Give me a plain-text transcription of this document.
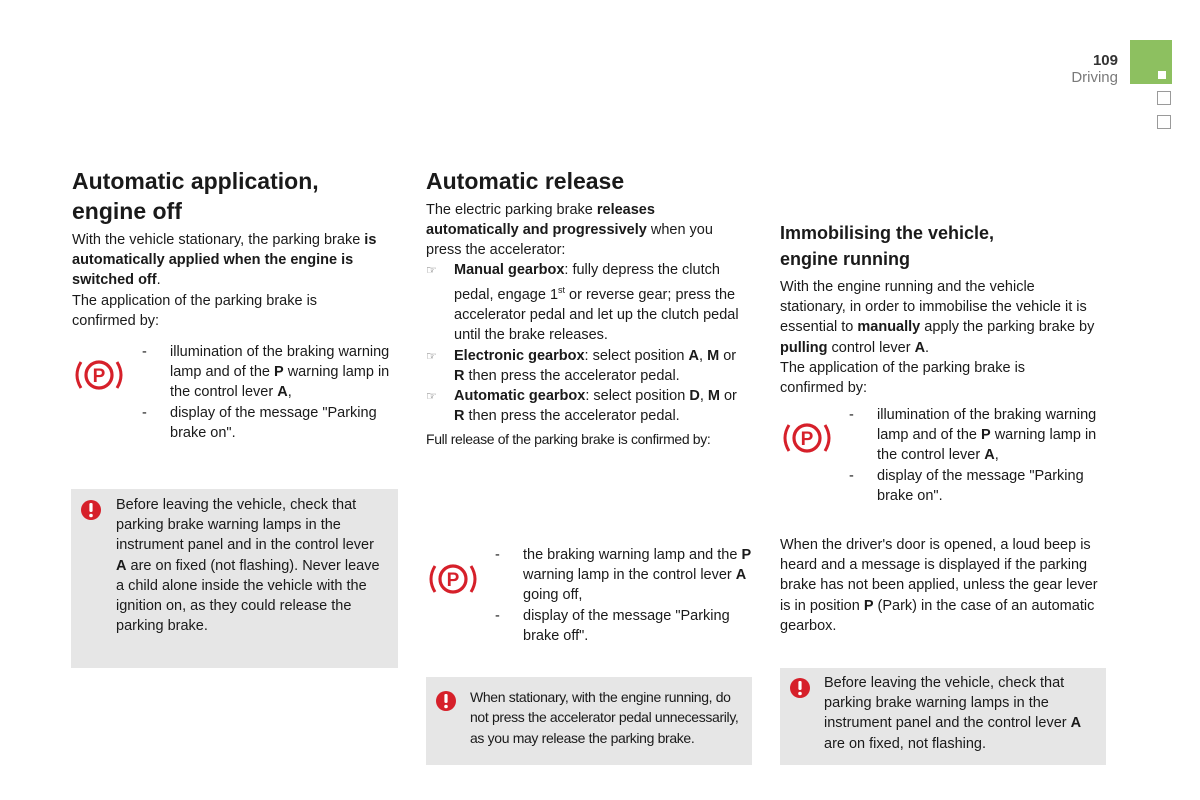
109
Driving
Automatic application,
engine off
With the vehicle stationary, the parking brake is automatically applied when the engine is switched off.
The application of the parking brake is confirmed by:
P
- illumination of the braking warning lamp and of the P warning lamp in the control lever A,
- display of the message "Parking brake on".
Before leaving the vehicle, check that parking brake warning lamps in the instrument panel and in the control lever A are on fixed (not flashing). Never leave a child alone inside the vehicle with the ignition on, as they could release the parking brake.
Automatic release
The electric parking brake releases automatically and progressively when you press the accelerator:
☞	Manual gearbox: fully depress the clutch pedal, engage 1st or reverse gear; press the accelerator pedal and let up the clutch pedal until the brake releases.
☞	Electronic gearbox: select position A, M or R then press the accelerator pedal.
☞	Automatic gearbox: select position D, M or R then press the accelerator pedal.
Full release of the parking brake is confirmed by:
P
- the braking warning lamp and the P warning lamp in the control lever A going off,
- display of the message "Parking brake off".
When stationary, with the engine running, do not press the accelerator pedal unnecessarily, as you may release the parking brake.
Immobilising the vehicle,
engine running
With the engine running and the vehicle stationary, in order to immobilise the vehicle it is essential to manually apply the parking brake by pulling control lever A.
The application of the parking brake is confirmed by:
P
- illumination of the braking warning lamp and of the P warning lamp in the control lever A,
- display of the message "Parking brake on".
When the driver's door is opened, a loud beep is heard and a message is displayed if the parking brake has not been applied, unless the gear lever is in position P (Park) in the case of an automatic gearbox.
Before leaving the vehicle, check that parking brake warning lamps in the instrument panel and the control lever A are on fixed, not flashing.
